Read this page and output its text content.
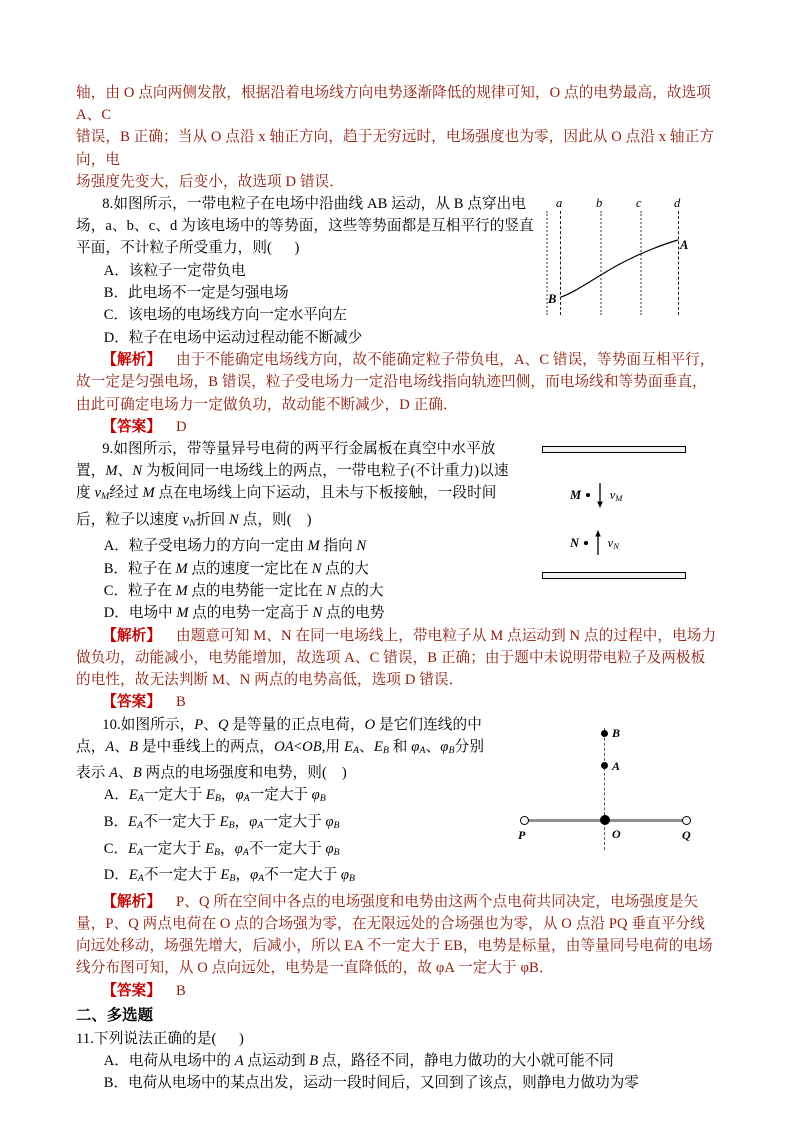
轴，由 O 点向两侧发散，根据沿着电场线方向电势逐渐降低的规律可知，O 点的电势最高，故选项 A、C
错误，B 正确；当从 O 点沿 x 轴正方向，趋于无穷远时，电场强度也为零，因此从 O 点沿 x 轴正方向，电
场强度先变大，后变小，故选项 D 错误．
a	b	c	d
B
A
8.如图所示，一带电粒子在电场中沿曲线 AB 运动，从 B 点穿出电场，a、b、c、d 为该电场中的等势面，这些等势面都是互相平行的竖直平面，不计粒子所受重力，则(      )
A．该粒子一定带负电
B．此电场不一定是匀强电场
C．该电场的电场线方向一定水平向左
D．粒子在电场中运动过程动能不断减少
【解析】 由于不能确定电场线方向，故不能确定粒子带负电，A、C 错误，等势面互相平行，故一定是匀强电场，B 错误，粒子受电场力一定沿电场线指向轨迹凹侧，而电场线和等势面垂直，由此可确定电场力一定做负功，故动能不断减少，D 正确．
【答案】 D
M $v_M$
N $v_N$
9.如图所示，带等量异号电荷的两平行金属板在真空中水平放置，M、N 为板间同一电场线上的两点，一带电粒子(不计重力)以速度 $v_M$经过 M 点在电场线上向下运动，且未与下板接触，一段时间后，粒子以速度 $v_N$折回 N 点，则(    )
A．粒子受电场力的方向一定由 M 指向 N
B．粒子在 M 点的速度一定比在 N 点的大
C．粒子在 M 点的电势能一定比在 N 点的大
D．电场中 M 点的电势一定高于 N 点的电势
【解析】 由题意可知 M、N 在同一电场线上，带电粒子从 M 点运动到 N 点的过程中，电场力做负功，动能减小，电势能增加，故选项 A、C 错误，B 正确；由于题中未说明带电粒子及两极板的电性，故无法判断 M、N 两点的电势高低，选项 D 错误．
【答案】 B
P	Q
O
A
B
10.如图所示，P、Q 是等量的正点电荷，O 是它们连线的中点，A、B 是中垂线上的两点，OA<OB,用 $E_A$、$E_B$ 和 $\varphi_A$、$\varphi_B$分别表示 A、B 两点的电场强度和电势，则(    )
A．$E_A$一定大于 $E_B$，$\varphi_A$一定大于 $\varphi_B$
B．$E_A$不一定大于 $E_B$，$\varphi_A$一定大于 $\varphi_B$
C．$E_A$一定大于 $E_B$，$\varphi_A$不一定大于 $\varphi_B$
D．$E_A$不一定大于 $E_B$，$\varphi_A$不一定大于 $\varphi_B$
【解析】 P、Q 所在空间中各点的电场强度和电势由这两个点电荷共同决定，电场强度是矢量，P、Q 两点电荷在 O 点的合场强为零，在无限远处的合场强也为零，从 O 点沿 PQ 垂直平分线向远处移动，场强先增大，后减小，所以 EA 不一定大于 EB，电势是标量，由等量同号电荷的电场线分布图可知，从 O 点向远处，电势是一直降低的，故 φA 一定大于 φB．
【答案】 B
二、多选题
11.下列说法正确的是(      )
A．电荷从电场中的 A 点运动到 B 点，路径不同，静电力做功的大小就可能不同
B．电荷从电场中的某点出发，运动一段时间后，又回到了该点，则静电力做功为零
